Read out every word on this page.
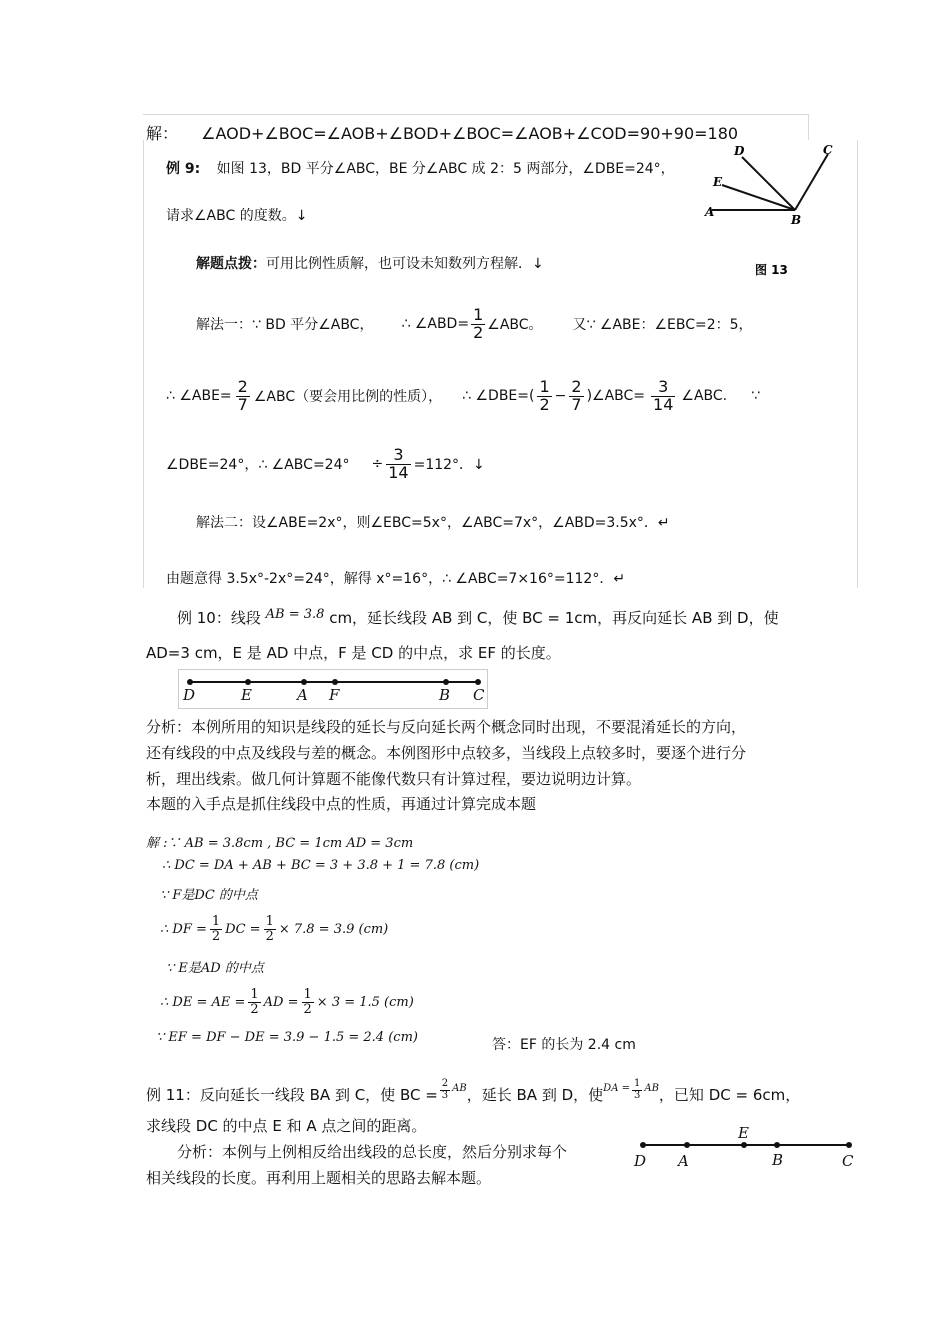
解： ∠AOD+∠BOC=∠AOB+∠BOD+∠BOC=∠AOB+∠COD=90+90=180
例 9: 如图 13，BD 平分∠ABC，BE 分∠ABC 成 2：5 两部分，∠DBE=24°，
请求∠ABC 的度数。↓
解题点拨：可用比例性质解，也可设未知数列方程解．↓
A
B
C
D
E
图 13
解法一：∵ BD 平分∠ABC， ∴ ∠ABD= $\frac{1}{2}$ ∠ABC。 又∵ ∠ABE：∠EBC=2：5，
∴ ∠ABE= $\frac{2}{7}$ ∠ABC（要会用比例的性质）， ∴ ∠DBE=( $\frac{1}{2} - \frac{2}{7}$ )∠ABC= $\frac{3}{14}$ ∠ABC. ∵
∠DBE=24°，∴ ∠ABC=24° ÷ $\frac{3}{14} =112^\circ$．↓
解法二：设∠ABE=2x°，则∠EBC=5x°，∠ABC=7x°，∠ABD=3.5x°．↵
由题意得 3.5x°-2x°=24°，解得 x°=16°，∴ ∠ABC=7×16°=112°．↵
例 10：线段 AB = 3.8 cm，延长线段 AB 到 C，使 BC = 1cm，再反向延长 AB 到 D，使
AD=3 cm，E 是 AD 中点，F 是 CD 的中点，求 EF 的长度。
D	E	A F	B C
分析：本例所用的知识是线段的延长与反向延长两个概念同时出现，不要混淆延长的方向，
还有线段的中点及线段与差的概念。本例图形中点较多，当线段上点较多时，要逐个进行分
析，理出线索。做几何计算题不能像代数只有计算过程，要边说明边计算。
本题的入手点是抓住线段中点的性质，再通过计算完成本题
解 :∵ AB = 3.8cm , BC = 1cm AD = 3cm
∴ DC = DA + AB + BC = 3 + 3.8 + 1 = 7.8 (cm)
∵ F是DC 的中点
∴ DF = $\frac{1}{2}$ DC = $\frac{1}{2} \times 7.8 = 3.9$ (cm)
∵ E是AD 的中点
∴ DE = AE = $\frac{1}{2}$ AD = $\frac{1}{2} \times 3 = 1.5$ (cm)
∵ EF = DF − DE = 3.9 − 1.5 = 2.4 (cm)	答：EF 的长为 2.4 cm
例 11：反向延长一线段 BA 到 C，使 BC = $\frac{2}{3}$ AB ，延长 BA 到 D，使 DA = $\frac{1}{3}$ AB ，已知 DC = 6cm，
求线段 DC 的中点 E 和 A 点之间的距离。
分析：本例与上例相反给出线段的总长度，然后分别求每个
相关线段的长度。再利用上题相关的思路去解本题。
D A
E
B	C
